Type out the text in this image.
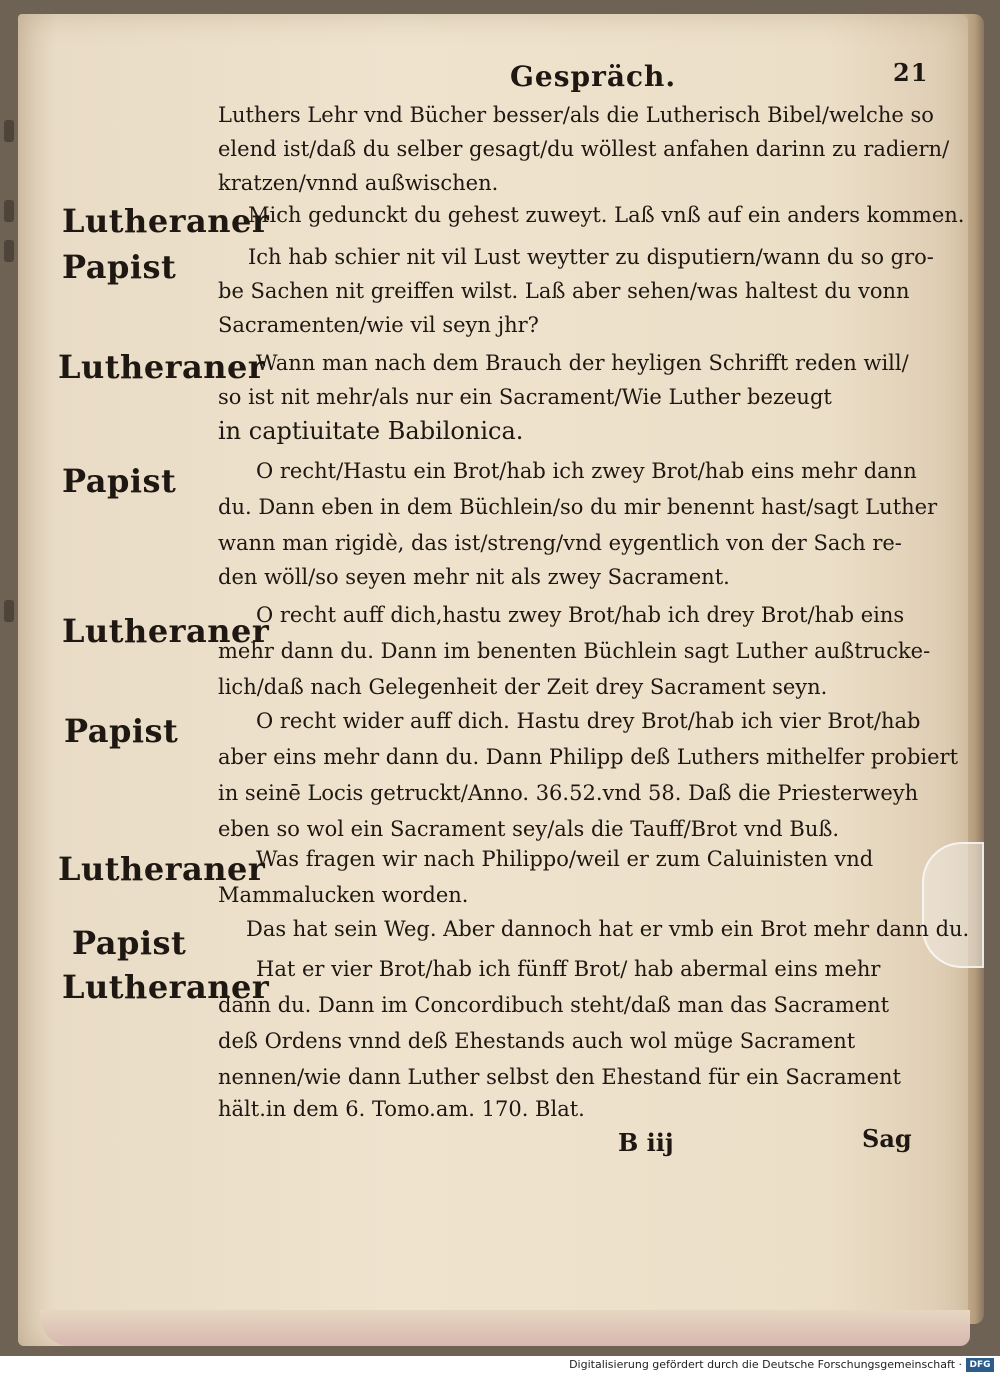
Gespräch.	21
Luthers Lehr vnd Bücher besser/als die Lutherisch Bibel/welche so
elend ist/daß du selber gesagt/du wöllest anfahen darinn zu radiern/
kratzen/vnnd außwischen.
Lutheraner
Mich gedunckt du gehest zuweyt. Laß vnß auf ein anders kommen.
Papist	Ich hab schier nit vil Lust weytter zu disputiern/wann du so gro-
be Sachen nit greiffen wilst. Laß aber sehen/was haltest du vonn
Sacramenten/wie vil seyn jhr?
Lutheraner
Wann man nach dem Brauch der heyligen Schrifft reden will/
so ist nit mehr/als nur ein Sacrament/Wie Luther bezeugt
in captiuitate Babilonica.
Papist	O recht/Hastu ein Brot/hab ich zwey Brot/hab eins mehr dann
du. Dann eben in dem Büchlein/so du mir benennt hast/sagt Luther
wann man rigidè, das ist/streng/vnd eygentlich von der Sach re-
den wöll/so seyen mehr nit als zwey Sacrament.
Lutheraner
O recht auff dich,hastu zwey Brot/hab ich drey Brot/hab eins
mehr dann du. Dann im benenten Büchlein sagt Luther außtrucke-
lich/daß nach Gelegenheit der Zeit drey Sacrament seyn.
Papist	O recht wider auff dich. Hastu drey Brot/hab ich vier Brot/hab
aber eins mehr dann du. Dann Philipp deß Luthers mithelfer probiert
in seinē Locis getruckt/Anno. 36.52.vnd 58. Daß die Priesterweyh
eben so wol ein Sacrament sey/als die Tauff/Brot vnd Buß.
Lutheraner
Was fragen wir nach Philippo/weil er zum Caluinisten vnd
Mammalucken worden.
Papist	Das hat sein Weg. Aber dannoch hat er vmb ein Brot mehr dann du.
Lutheraner
Hat er vier Brot/hab ich fünff Brot/ hab abermal eins mehr
dann du. Dann im Concordibuch steht/daß man das Sacrament
deß Ordens vnnd deß Ehestands auch wol müge Sacrament
nennen/wie dann Luther selbst den Ehestand für ein Sacrament
hält.in dem 6. Tomo.am. 170. Blat.
B iij	Sag
Digitalisierung gefördert durch die Deutsche Forschungsgemeinschaft · DFG
